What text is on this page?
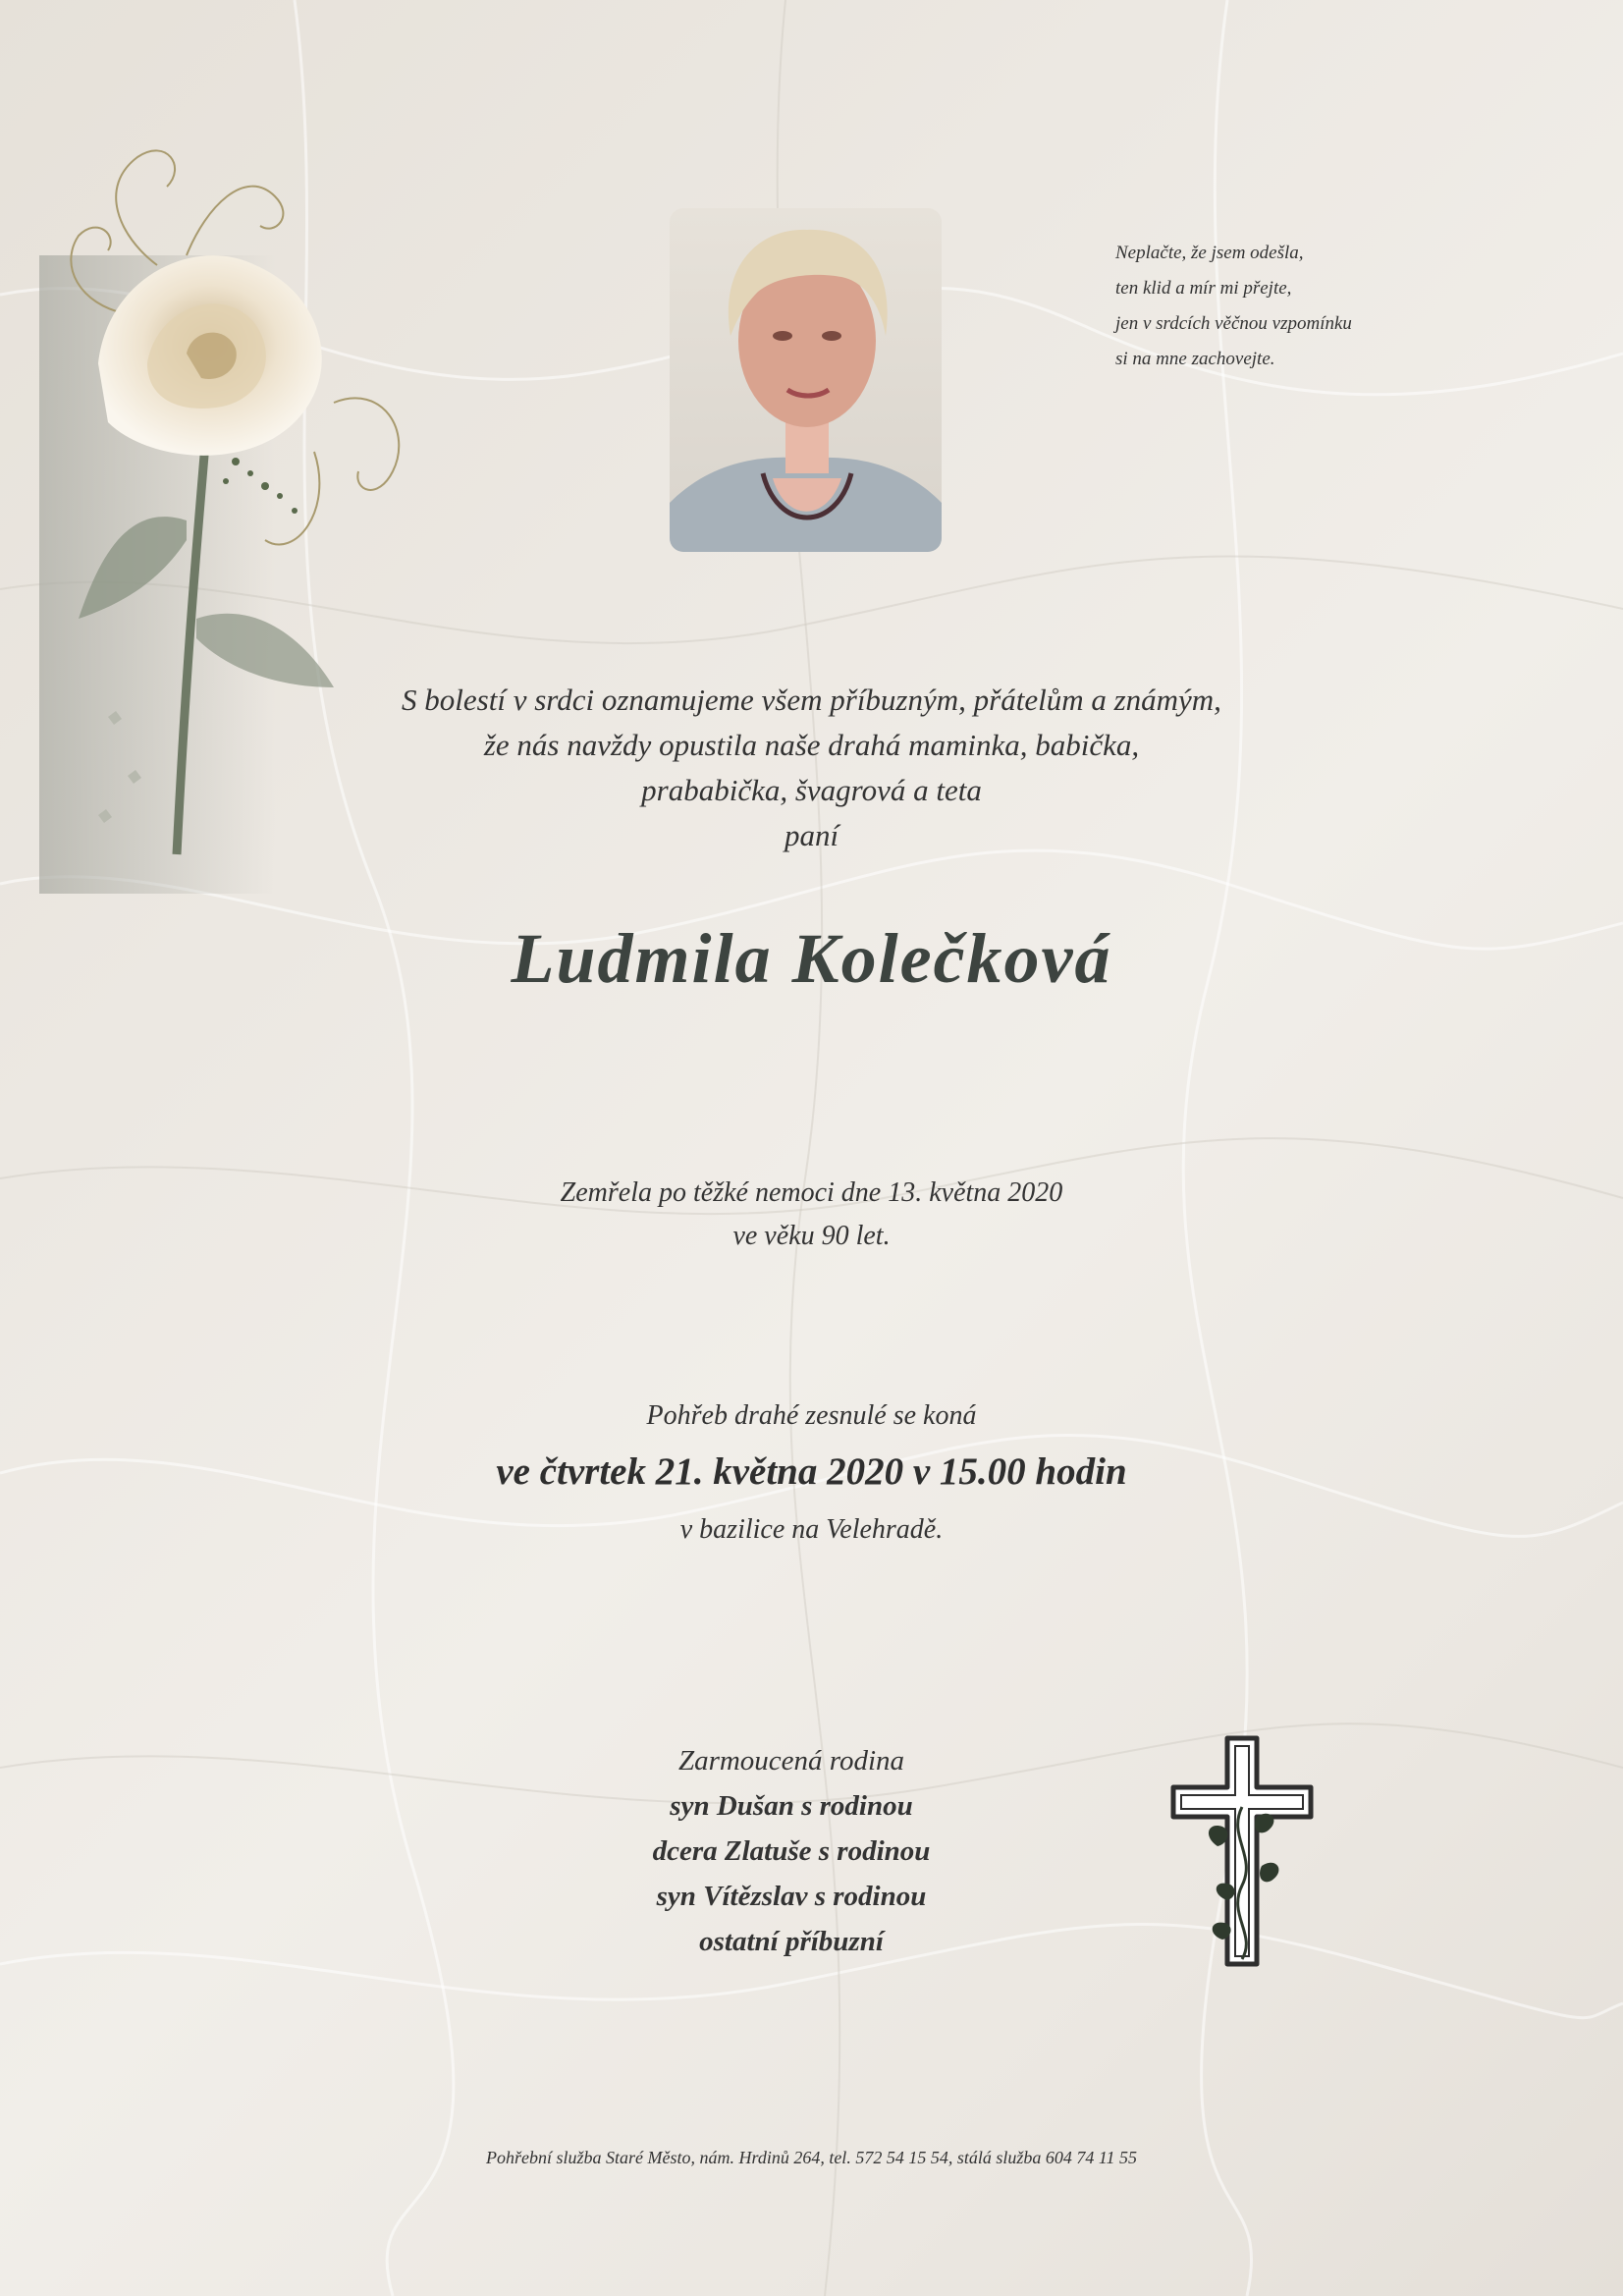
Neplačte, že jsem odešla,
ten klid a mír mi přejte,
jen v srdcích věčnou vzpomínku
si na mne zachovejte.
S bolestí v srdci oznamujeme všem příbuzným, přátelům a známým,
že nás navždy opustila naše drahá maminka, babička,
prababička, švagrová a teta
paní
Ludmila Kolečková
Zemřela po těžké nemoci dne 13. května 2020
ve věku 90 let.
Pohřeb drahé zesnulé se koná
ve čtvrtek 21. května 2020 v 15.00 hodin
v bazilice na Velehradě.
Zarmoucená rodina
syn Dušan s rodinou
dcera Zlatuše s rodinou
syn Vítězslav s rodinou
ostatní příbuzní
Pohřební služba Staré Město, nám. Hrdinů 264, tel. 572 54 15 54, stálá služba 604 74 11 55
